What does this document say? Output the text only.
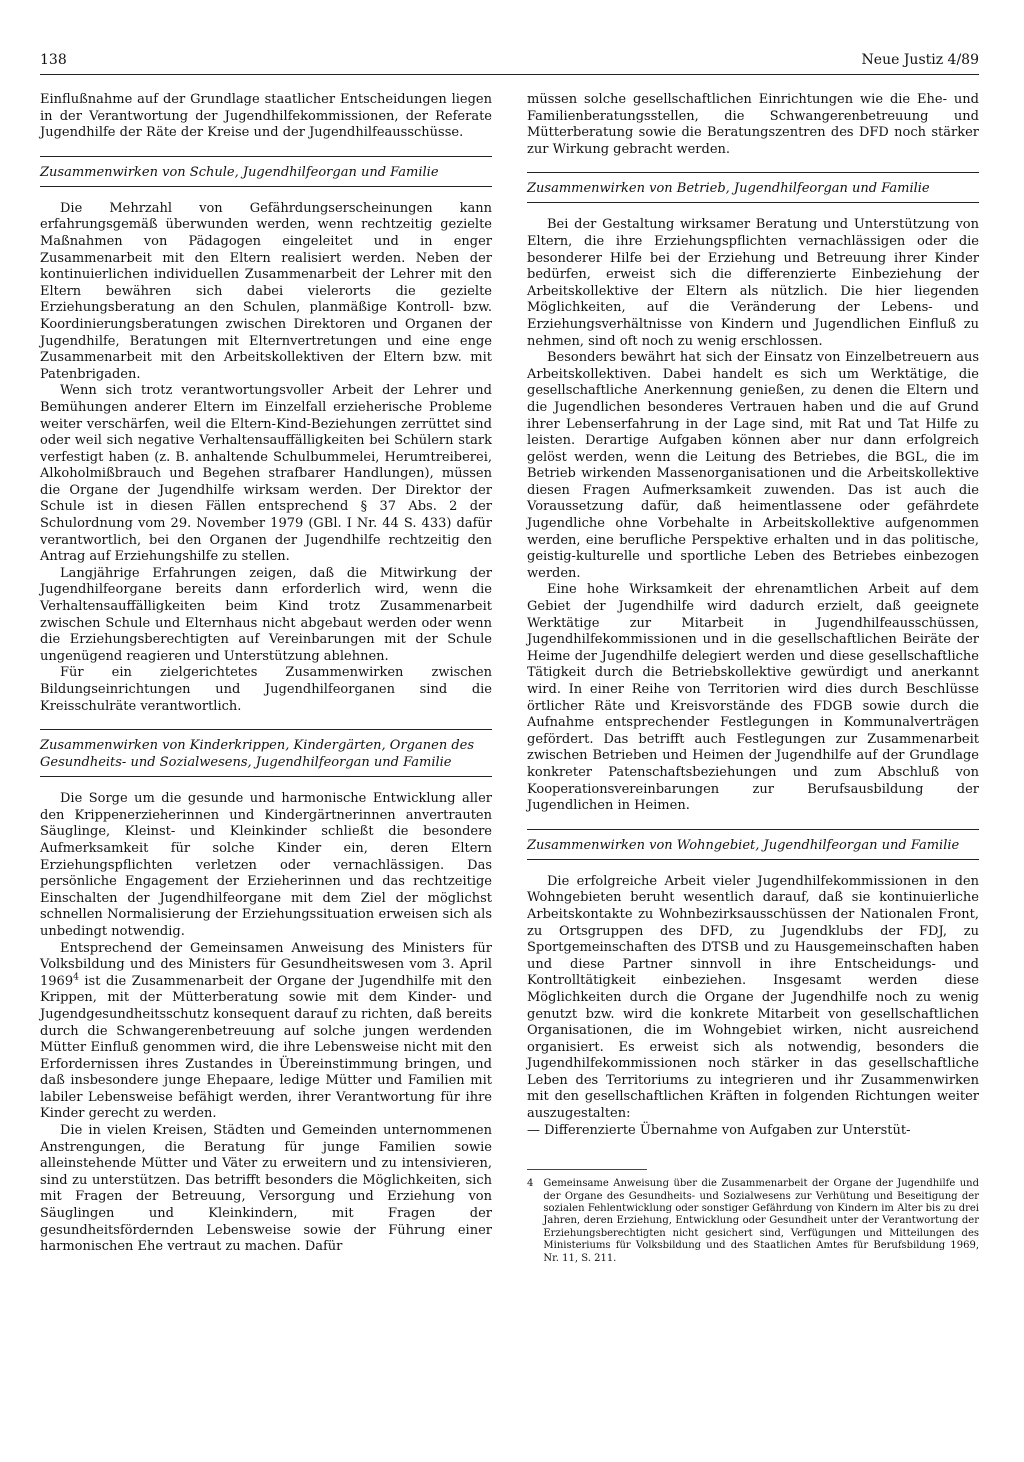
138	Neue Justiz 4/89

Einflußnahme auf der Grundlage staatlicher Entscheidungen liegen in der Verantwortung der Jugendhilfekommissionen, der Referate Jugendhilfe der Räte der Kreise und der Jugendhilfeausschüsse.

Zusammenwirken von Schule, Jugendhilfeorgan und Familie

Die Mehrzahl von Gefährdungserscheinungen kann erfahrungsgemäß überwunden werden, wenn rechtzeitig gezielte Maßnahmen von Pädagogen eingeleitet und in enger Zusammenarbeit mit den Eltern realisiert werden. Neben der kontinuierlichen individuellen Zusammenarbeit der Lehrer mit den Eltern bewähren sich dabei vielerorts die gezielte Erziehungsberatung an den Schulen, planmäßige Kontroll- bzw. Koordinierungsberatungen zwischen Direktoren und Organen der Jugendhilfe, Beratungen mit Elternvertretungen und eine enge Zusammenarbeit mit den Arbeitskollektiven der Eltern bzw. mit Patenbrigaden.

Wenn sich trotz verantwortungsvoller Arbeit der Lehrer und Bemühungen anderer Eltern im Einzelfall erzieherische Probleme weiter verschärfen, weil die Eltern-Kind-Beziehungen zerrüttet sind oder weil sich negative Verhaltensauffälligkeiten bei Schülern stark verfestigt haben (z. B. anhaltende Schulbummelei, Herumtreiberei, Alkoholmißbrauch und Begehen strafbarer Handlungen), müssen die Organe der Jugendhilfe wirksam werden. Der Direktor der Schule ist in diesen Fällen entsprechend § 37 Abs. 2 der Schulordnung vom 29. November 1979 (GBl. I Nr. 44 S. 433) dafür verantwortlich, bei den Organen der Jugendhilfe rechtzeitig den Antrag auf Erziehungshilfe zu stellen.

Langjährige Erfahrungen zeigen, daß die Mitwirkung der Jugendhilfeorgane bereits dann erforderlich wird, wenn die Verhaltensauffälligkeiten beim Kind trotz Zusammenarbeit zwischen Schule und Elternhaus nicht abgebaut werden oder wenn die Erziehungsberechtigten auf Vereinbarungen mit der Schule ungenügend reagieren und Unterstützung ablehnen.

Für ein zielgerichtetes Zusammenwirken zwischen Bildungseinrichtungen und Jugendhilfeorganen sind die Kreisschulräte verantwortlich.

Zusammenwirken von Kinderkrippen, Kindergärten, Organen des Gesundheits- und Sozialwesens, Jugendhilfeorgan und Familie

Die Sorge um die gesunde und harmonische Entwicklung aller den Krippenerzieherinnen und Kindergärtnerinnen anvertrauten Säuglinge, Kleinst- und Kleinkinder schließt die besondere Aufmerksamkeit für solche Kinder ein, deren Eltern Erziehungspflichten verletzen oder vernachlässigen. Das persönliche Engagement der Erzieherinnen und das rechtzeitige Einschalten der Jugendhilfeorgane mit dem Ziel der möglichst schnellen Normalisierung der Erziehungssituation erweisen sich als unbedingt notwendig.

Entsprechend der Gemeinsamen Anweisung des Ministers für Volksbildung und des Ministers für Gesundheitswesen vom 3. April 1969$^4$ ist die Zusammenarbeit der Organe der Jugendhilfe mit den Krippen, mit der Mütterberatung sowie mit dem Kinder- und Jugendgesundheitsschutz konsequent darauf zu richten, daß bereits durch die Schwangerenbetreuung auf solche jungen werdenden Mütter Einfluß genommen wird, die ihre Lebensweise nicht mit den Erfordernissen ihres Zustandes in Übereinstimmung bringen, und daß insbesondere junge Ehepaare, ledige Mütter und Familien mit labiler Lebensweise befähigt werden, ihrer Verantwortung für ihre Kinder gerecht zu werden.

Die in vielen Kreisen, Städten und Gemeinden unternommenen Anstrengungen, die Beratung für junge Familien sowie alleinstehende Mütter und Väter zu erweitern und zu intensivieren, sind zu unterstützen. Das betrifft besonders die Möglichkeiten, sich mit Fragen der Betreuung, Versorgung und Erziehung von Säuglingen und Kleinkindern, mit Fragen der gesundheitsfördernden Lebensweise sowie der Führung einer harmonischen Ehe vertraut zu machen. Dafür

müssen solche gesellschaftlichen Einrichtungen wie die Ehe- und Familienberatungsstellen, die Schwangerenbetreuung und Mütterberatung sowie die Beratungszentren des DFD noch stärker zur Wirkung gebracht werden.

Zusammenwirken von Betrieb, Jugendhilfeorgan und Familie

Bei der Gestaltung wirksamer Beratung und Unterstützung von Eltern, die ihre Erziehungspflichten vernachlässigen oder die besonderer Hilfe bei der Erziehung und Betreuung ihrer Kinder bedürfen, erweist sich die differenzierte Einbeziehung der Arbeitskollektive der Eltern als nützlich. Die hier liegenden Möglichkeiten, auf die Veränderung der Lebens- und Erziehungsverhältnisse von Kindern und Jugendlichen Einfluß zu nehmen, sind oft noch zu wenig erschlossen.

Besonders bewährt hat sich der Einsatz von Einzelbetreuern aus Arbeitskollektiven. Dabei handelt es sich um Werktätige, die gesellschaftliche Anerkennung genießen, zu denen die Eltern und die Jugendlichen besonderes Vertrauen haben und die auf Grund ihrer Lebenserfahrung in der Lage sind, mit Rat und Tat Hilfe zu leisten. Derartige Aufgaben können aber nur dann erfolgreich gelöst werden, wenn die Leitung des Betriebes, die BGL, die im Betrieb wirkenden Massenorganisationen und die Arbeitskollektive diesen Fragen Aufmerksamkeit zuwenden. Das ist auch die Voraussetzung dafür, daß heimentlassene oder gefährdete Jugendliche ohne Vorbehalte in Arbeitskollektive aufgenommen werden, eine berufliche Perspektive erhalten und in das politische, geistig-kulturelle und sportliche Leben des Betriebes einbezogen werden.

Eine hohe Wirksamkeit der ehrenamtlichen Arbeit auf dem Gebiet der Jugendhilfe wird dadurch erzielt, daß geeignete Werktätige zur Mitarbeit in Jugendhilfeausschüssen, Jugendhilfekommissionen und in die gesellschaftlichen Beiräte der Heime der Jugendhilfe delegiert werden und diese gesellschaftliche Tätigkeit durch die Betriebskollektive gewürdigt und anerkannt wird. In einer Reihe von Territorien wird dies durch Beschlüsse örtlicher Räte und Kreisvorstände des FDGB sowie durch die Aufnahme entsprechender Festlegungen in Kommunalverträgen gefördert. Das betrifft auch Festlegungen zur Zusammenarbeit zwischen Betrieben und Heimen der Jugendhilfe auf der Grundlage konkreter Patenschaftsbeziehungen und zum Abschluß von Kooperationsvereinbarungen zur Berufsausbildung der Jugendlichen in Heimen.

Zusammenwirken von Wohngebiet, Jugendhilfeorgan und Familie

Die erfolgreiche Arbeit vieler Jugendhilfekommissionen in den Wohngebieten beruht wesentlich darauf, daß sie kontinuierliche Arbeitskontakte zu Wohnbezirksausschüssen der Nationalen Front, zu Ortsgruppen des DFD, zu Jugendklubs der FDJ, zu Sportgemeinschaften des DTSB und zu Hausgemeinschaften haben und diese Partner sinnvoll in ihre Entscheidungs- und Kontrolltätigkeit einbeziehen. Insgesamt werden diese Möglichkeiten durch die Organe der Jugendhilfe noch zu wenig genutzt bzw. wird die konkrete Mitarbeit von gesellschaftlichen Organisationen, die im Wohngebiet wirken, nicht ausreichend organisiert. Es erweist sich als notwendig, besonders die Jugendhilfekommissionen noch stärker in das gesellschaftliche Leben des Territoriums zu integrieren und ihr Zusammenwirken mit den gesellschaftlichen Kräften in folgenden Richtungen weiter auszugestalten:

— Differenzierte Übernahme von Aufgaben zur Unterstüt-

4 Gemeinsame Anweisung über die Zusammenarbeit der Organe der Jugendhilfe und der Organe des Gesundheits- und Sozialwesens zur Verhütung und Beseitigung der sozialen Fehlentwicklung oder sonstiger Gefährdung von Kindern im Alter bis zu drei Jahren, deren Erziehung, Entwicklung oder Gesundheit unter der Verantwortung der Erziehungsberechtigten nicht gesichert sind, Verfügungen und Mitteilungen des Ministeriums für Volksbildung und des Staatlichen Amtes für Berufsbildung 1969, Nr. 11, S. 211.
